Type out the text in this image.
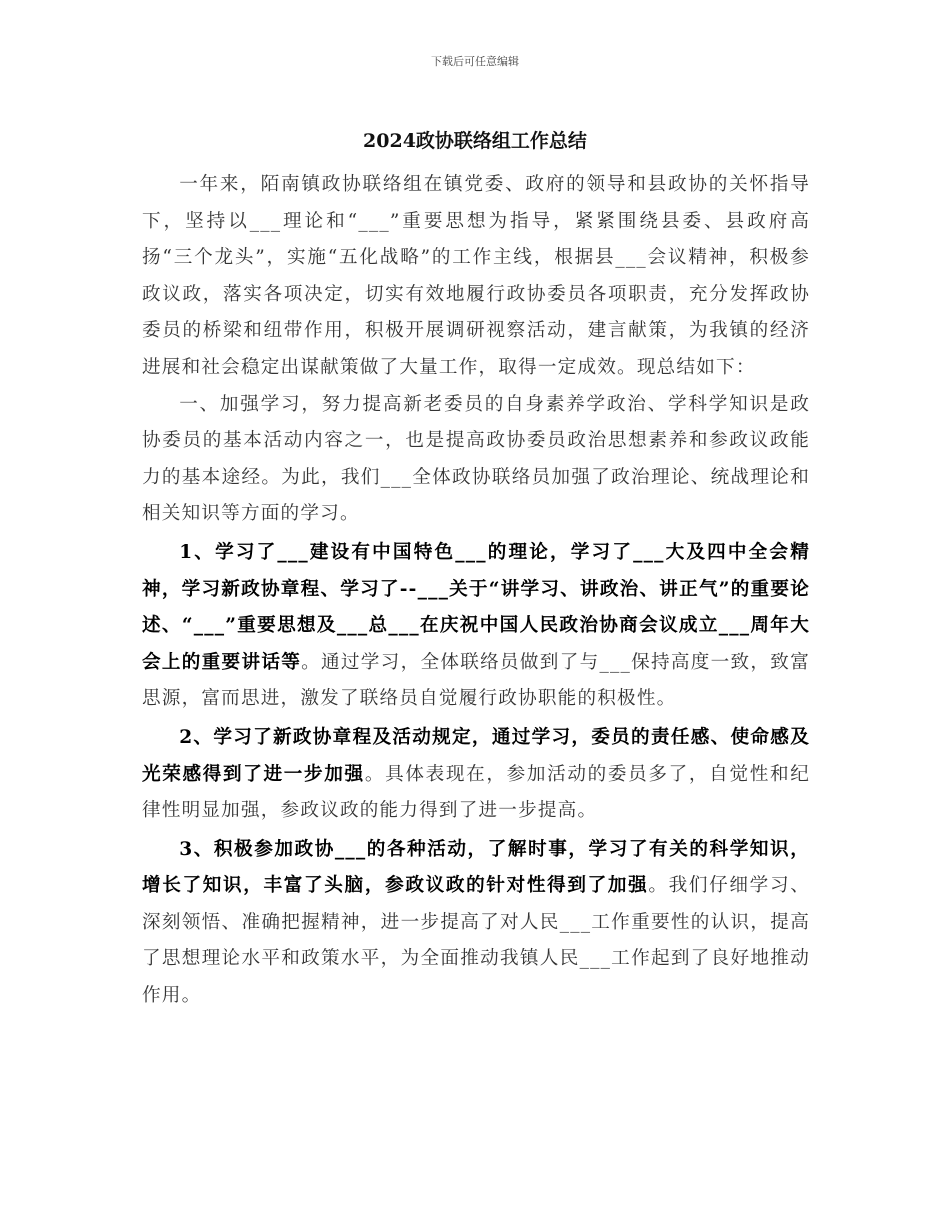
下载后可任意编辑
2024政协联络组工作总结

一年来，陌南镇政协联络组在镇党委、政府的领导和县政协的关怀指导下，坚持以___理论和“___”重要思想为指导，紧紧围绕县委、县政府高扬“三个龙头”，实施“五化战略”的工作主线，根据县___会议精神，积极参政议政，落实各项决定，切实有效地履行政协委员各项职责，充分发挥政协委员的桥梁和纽带作用，积极开展调研视察活动，建言献策，为我镇的经济进展和社会稳定出谋献策做了大量工作，取得一定成效。现总结如下：

一、加强学习，努力提高新老委员的自身素养学政治、学科学知识是政协委员的基本活动内容之一，也是提高政协委员政治思想素养和参政议政能力的基本途经。为此，我们___全体政协联络员加强了政治理论、统战理论和相关知识等方面的学习。

1、学习了___建设有中国特色___的理论，学习了___大及四中全会精神，学习新政协章程、学习了--___关于“讲学习、讲政治、讲正气”的重要论述、“___”重要思想及___总___在庆祝中国人民政治协商会议成立___周年大会上的重要讲话等。通过学习，全体联络员做到了与___保持高度一致，致富思源，富而思进，激发了联络员自觉履行政协职能的积极性。

2、学习了新政协章程及活动规定，通过学习，委员的责任感、使命感及光荣感得到了进一步加强。具体表现在，参加活动的委员多了，自觉性和纪律性明显加强，参政议政的能力得到了进一步提高。

3、积极参加政协___的各种活动，了解时事，学习了有关的科学知识，增长了知识，丰富了头脑，参政议政的针对性得到了加强。我们仔细学习、深刻领悟、准确把握精神，进一步提高了对人民___工作重要性的认识，提高了思想理论水平和政策水平，为全面推动我镇人民___工作起到了良好地推动作用。
